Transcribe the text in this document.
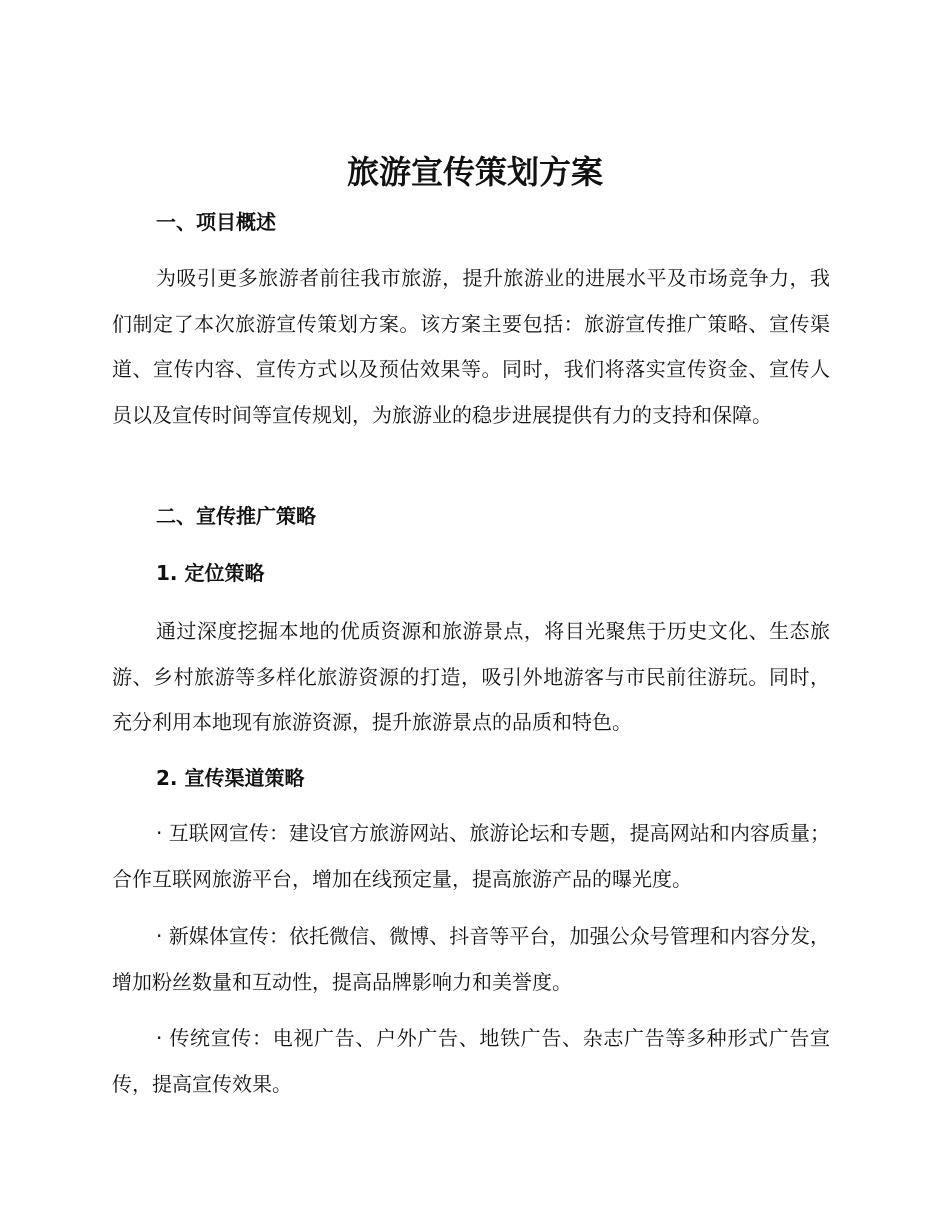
旅游宣传策划方案
一、项目概述

为吸引更多旅游者前往我市旅游，提升旅游业的进展水平及市场竞争力，我们制定了本次旅游宣传策划方案。该方案主要包括：旅游宣传推广策略、宣传渠道、宣传内容、宣传方式以及预估效果等。同时，我们将落实宣传资金、宣传人员以及宣传时间等宣传规划，为旅游业的稳步进展提供有力的支持和保障。

二、宣传推广策略
1. 定位策略

通过深度挖掘本地的优质资源和旅游景点，将目光聚焦于历史文化、生态旅游、乡村旅游等多样化旅游资源的打造，吸引外地游客与市民前往游玩。同时，充分利用本地现有旅游资源，提升旅游景点的品质和特色。

2. 宣传渠道策略

· 互联网宣传：建设官方旅游网站、旅游论坛和专题，提高网站和内容质量；合作互联网旅游平台，增加在线预定量，提高旅游产品的曝光度。

· 新媒体宣传：依托微信、微博、抖音等平台，加强公众号管理和内容分发，增加粉丝数量和互动性，提高品牌影响力和美誉度。

· 传统宣传：电视广告、户外广告、地铁广告、杂志广告等多种形式广告宣传，提高宣传效果。
